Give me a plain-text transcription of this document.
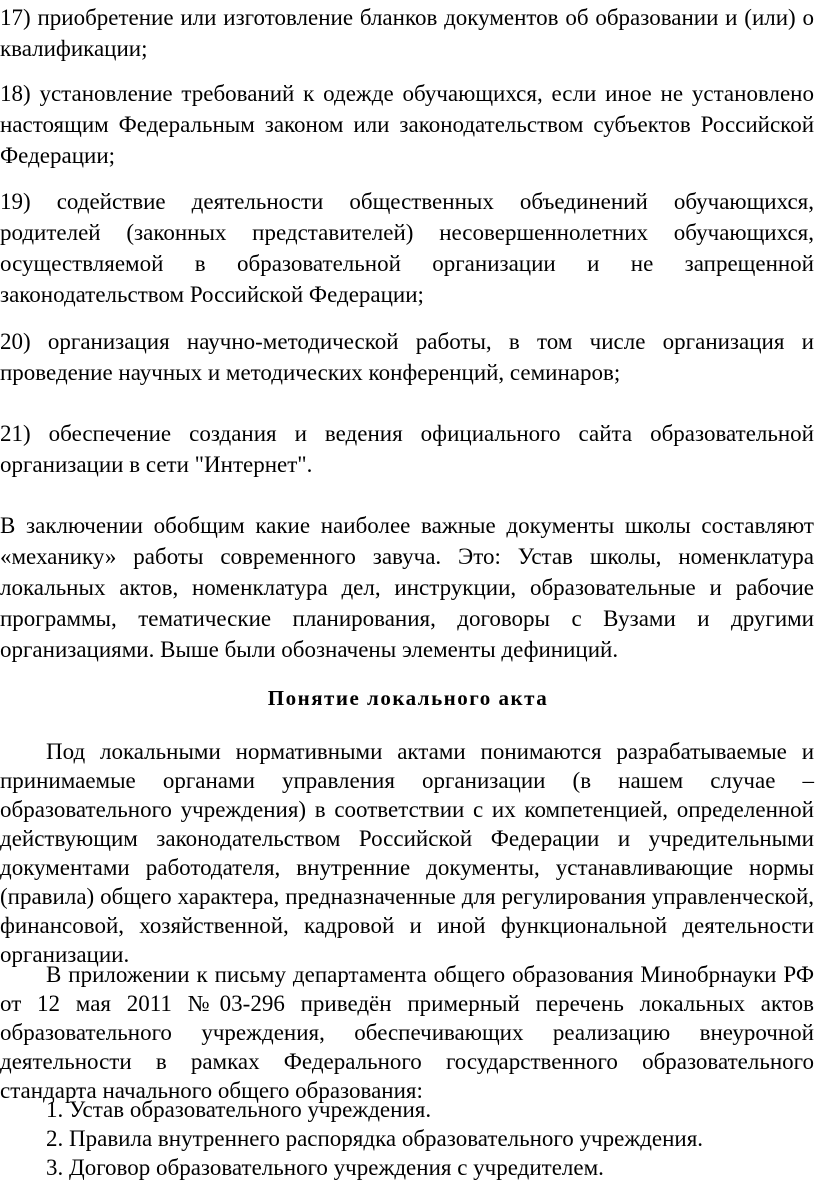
17) приобретение или изготовление бланков документов об образовании и (или) о квалификации;

18) установление требований к одежде обучающихся, если иное не установлено настоящим Федеральным законом или законодательством субъектов Российской Федерации;

19) содействие деятельности общественных объединений обучающихся, родителей (законных представителей) несовершеннолетних обучающихся, осуществляемой в образовательной организации и не запрещенной законодательством Российской Федерации;

20) организация научно-методической работы, в том числе организация и проведение научных и методических конференций, семинаров;

21) обеспечение создания и ведения официального сайта образовательной организации в сети "Интернет".

В заключении обобщим какие наиболее важные документы школы составляют «механику» работы современного завуча. Это: Устав школы, номенклатура локальных актов, номенклатура дел, инструкции, образовательные и рабочие программы, тематические планирования, договоры с Вузами и другими организациями. Выше были обозначены элементы дефиниций.

Понятие локального акта

Под локальными нормативными актами понимаются разрабатываемые и принимаемые органами управления организации (в нашем случае – образовательного учреждения) в соответствии с их компетенцией, определенной действующим законодательством Российской Федерации и учредительными документами работодателя, внутренние документы, устанавливающие нормы (правила) общего характера, предназначенные для регулирования управленческой, финансовой, хозяйственной, кадровой и иной функциональной деятельности организации.

В приложении к письму департамента общего образования Минобрнауки РФ от 12 мая 2011 №03-296 приведён примерный перечень локальных актов образовательного учреждения, обеспечивающих реализацию внеурочной деятельности в рамках Федерального государственного образовательного стандарта начального общего образования:

1. Устав образовательного учреждения.
2. Правила внутреннего распорядка образовательного учреждения.
3. Договор образовательного учреждения с учредителем.
